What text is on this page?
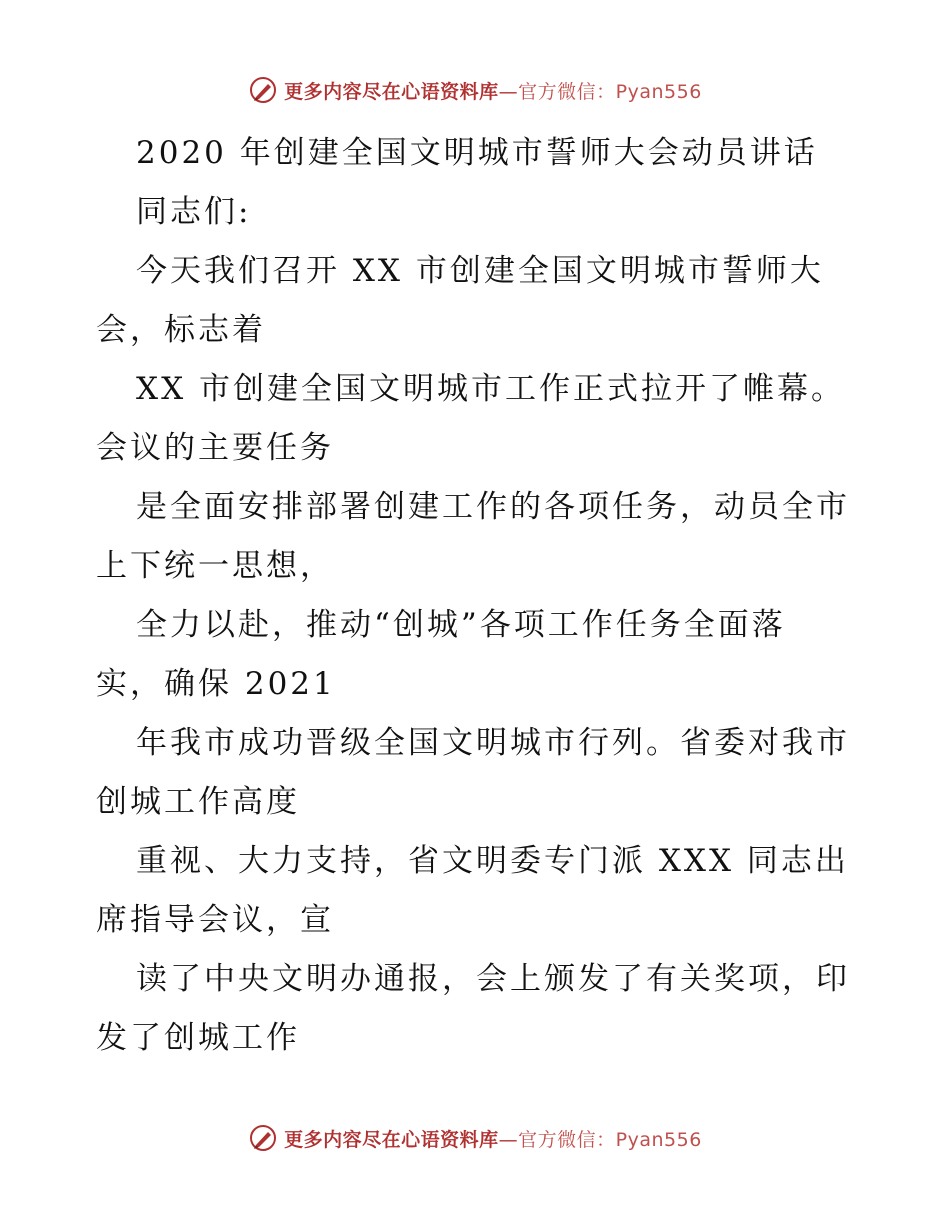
更多内容尽在心语资料库—官方微信：Pyan556
2020 年创建全国文明城市誓师大会动员讲话
同志们:
今天我们召开 XX 市创建全国文明城市誓师大
会，标志着
XX 市创建全国文明城市工作正式拉开了帷幕。
会议的主要任务
是全面安排部署创建工作的各项任务，动员全市
上下统一思想，
全力以赴，推动“创城”各项工作任务全面落
实，确保 2021
年我市成功晋级全国文明城市行列。省委对我市
创城工作高度
重视、大力支持，省文明委专门派 XXX 同志出
席指导会议，宣
读了中央文明办通报，会上颁发了有关奖项，印
发了创城工作
更多内容尽在心语资料库—官方微信：Pyan556
